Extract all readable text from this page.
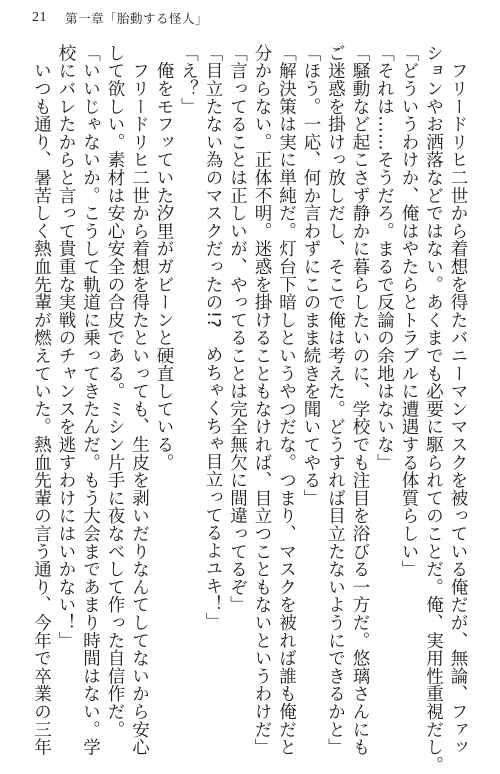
21 第一章「胎動する怪人」
　フリードリヒ二世から着想を得たバニーマンマスクを被っている俺だが、無論、ファッ
ションやお洒落などではない。あくまでも必要に駆られてのことだ。俺、実用性重視だし。
「どういうわけか、俺はやたらとトラブルに遭遇する体質らしい」
「それは……そうだろ。まるで反論の余地はないな」
「騒動など起こさず静かに暮らしたいのに、学校でも注目を浴びる一方だ。悠璃さんにも
ご迷惑を掛けっ放しだし、そこで俺は考えた。どうすれば目立たないようにできるかと」
「ほう。一応、何か言わずにこのまま続きを聞いてやる」
「解決策は実に単純だ。灯台下暗しというやつだな。つまり、マスクを被れば誰も俺だと
分からない。正体不明。迷惑を掛けることもなければ、目立つこともないというわけだ」
「言ってることは正しいが、やってることは完全無欠に間違ってるぞ」
「目立たない為のマスクだったの!?　めちゃくちゃ目立ってるよユキ！」
「え？」
　俺をモフッていた汐里がガビーンと硬直している。
　フリードリヒ二世から着想を得たといっても、生皮を剥いだりなんてしてないから安心
して欲しい。素材は安心安全の合皮である。ミシン片手に夜なべして作った自信作だ。
「いいじゃないか。こうして軌道に乗ってきたんだ。もう大会まであまり時間はない。学
校にバレたからと言って貴重な実戦のチャンスを逃すわけにはいかない！」
　いつも通り、暑苦しく熱血先輩が燃えていた。熱血先輩の言う通り、今年で卒業の三年
